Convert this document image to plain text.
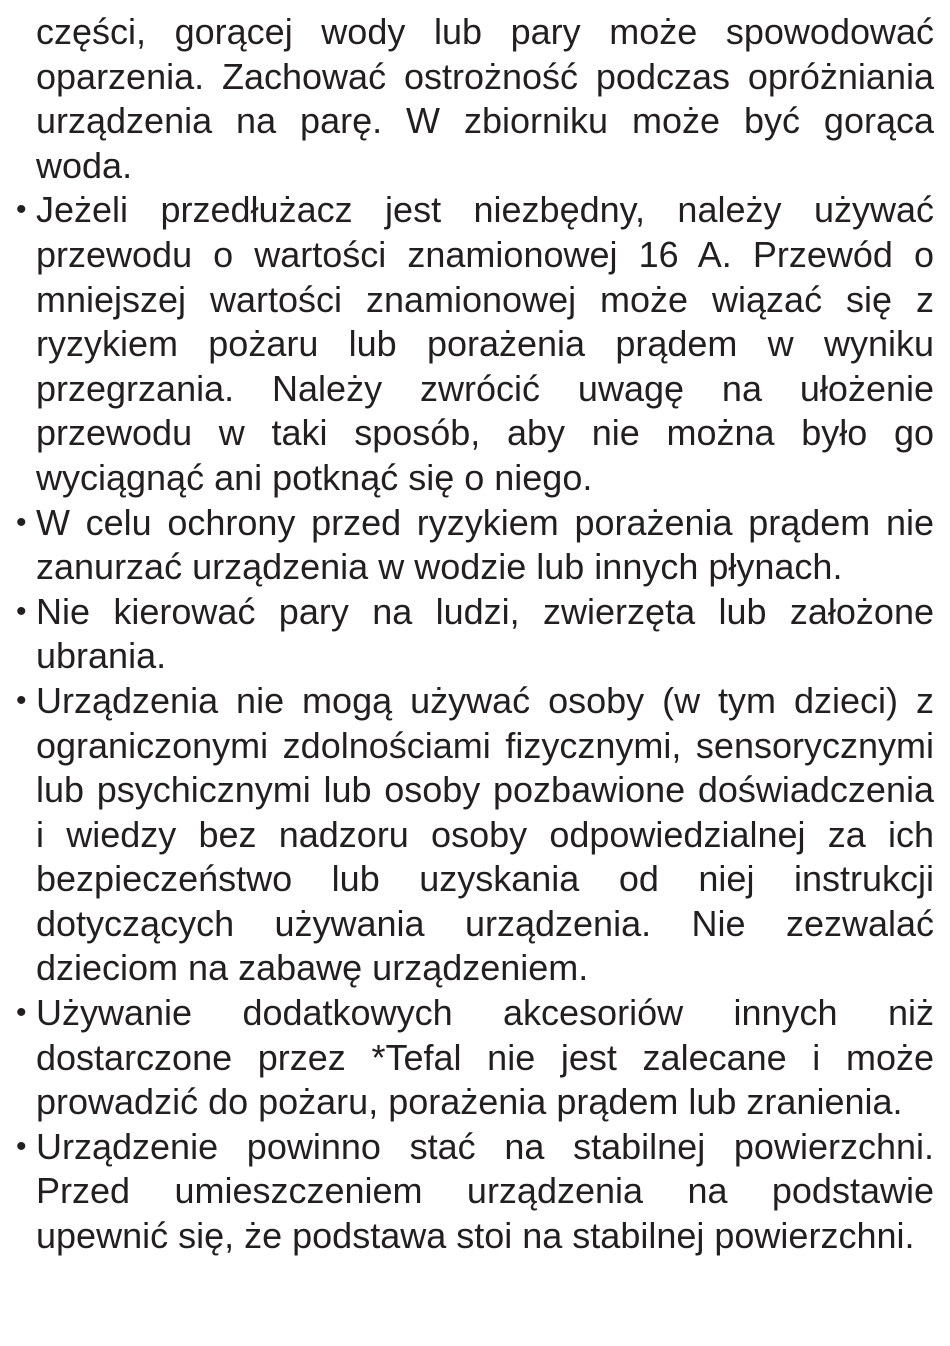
części, gorącej wody lub pary może spowodować oparzenia. Zachować ostrożność podczas opróżniania urządzenia na parę. W zbiorniku może być gorąca woda.

• Jeżeli przedłużacz jest niezbędny, należy używać przewodu o wartości znamionowej 16 A. Przewód o mniejszej wartości znamionowej może wiązać się z ryzykiem pożaru lub porażenia prądem w wyniku przegrzania. Należy zwrócić uwagę na ułożenie przewodu w taki sposób, aby nie można było go wyciągnąć ani potknąć się o niego.

• W celu ochrony przed ryzykiem porażenia prądem nie zanurzać urządzenia w wodzie lub innych płynach.

• Nie kierować pary na ludzi, zwierzęta lub założone ubrania.

• Urządzenia nie mogą używać osoby (w tym dzieci) z ograniczonymi zdolnościami fizycznymi, sensorycznymi lub psychicznymi lub osoby pozbawione doświadczenia i wiedzy bez nadzoru osoby odpowiedzialnej za ich bezpieczeństwo lub uzyskania od niej instrukcji dotyczących używania urządzenia. Nie zezwalać dzieciom na zabawę urządzeniem.

• Używanie dodatkowych akcesoriów innych niż dostarczone przez *Tefal nie jest zalecane i może prowadzić do pożaru, porażenia prądem lub zranienia.

• Urządzenie powinno stać na stabilnej powierzchni. Przed umieszczeniem urządzenia na podstawie upewnić się, że podstawa stoi na stabilnej powierzchni.
